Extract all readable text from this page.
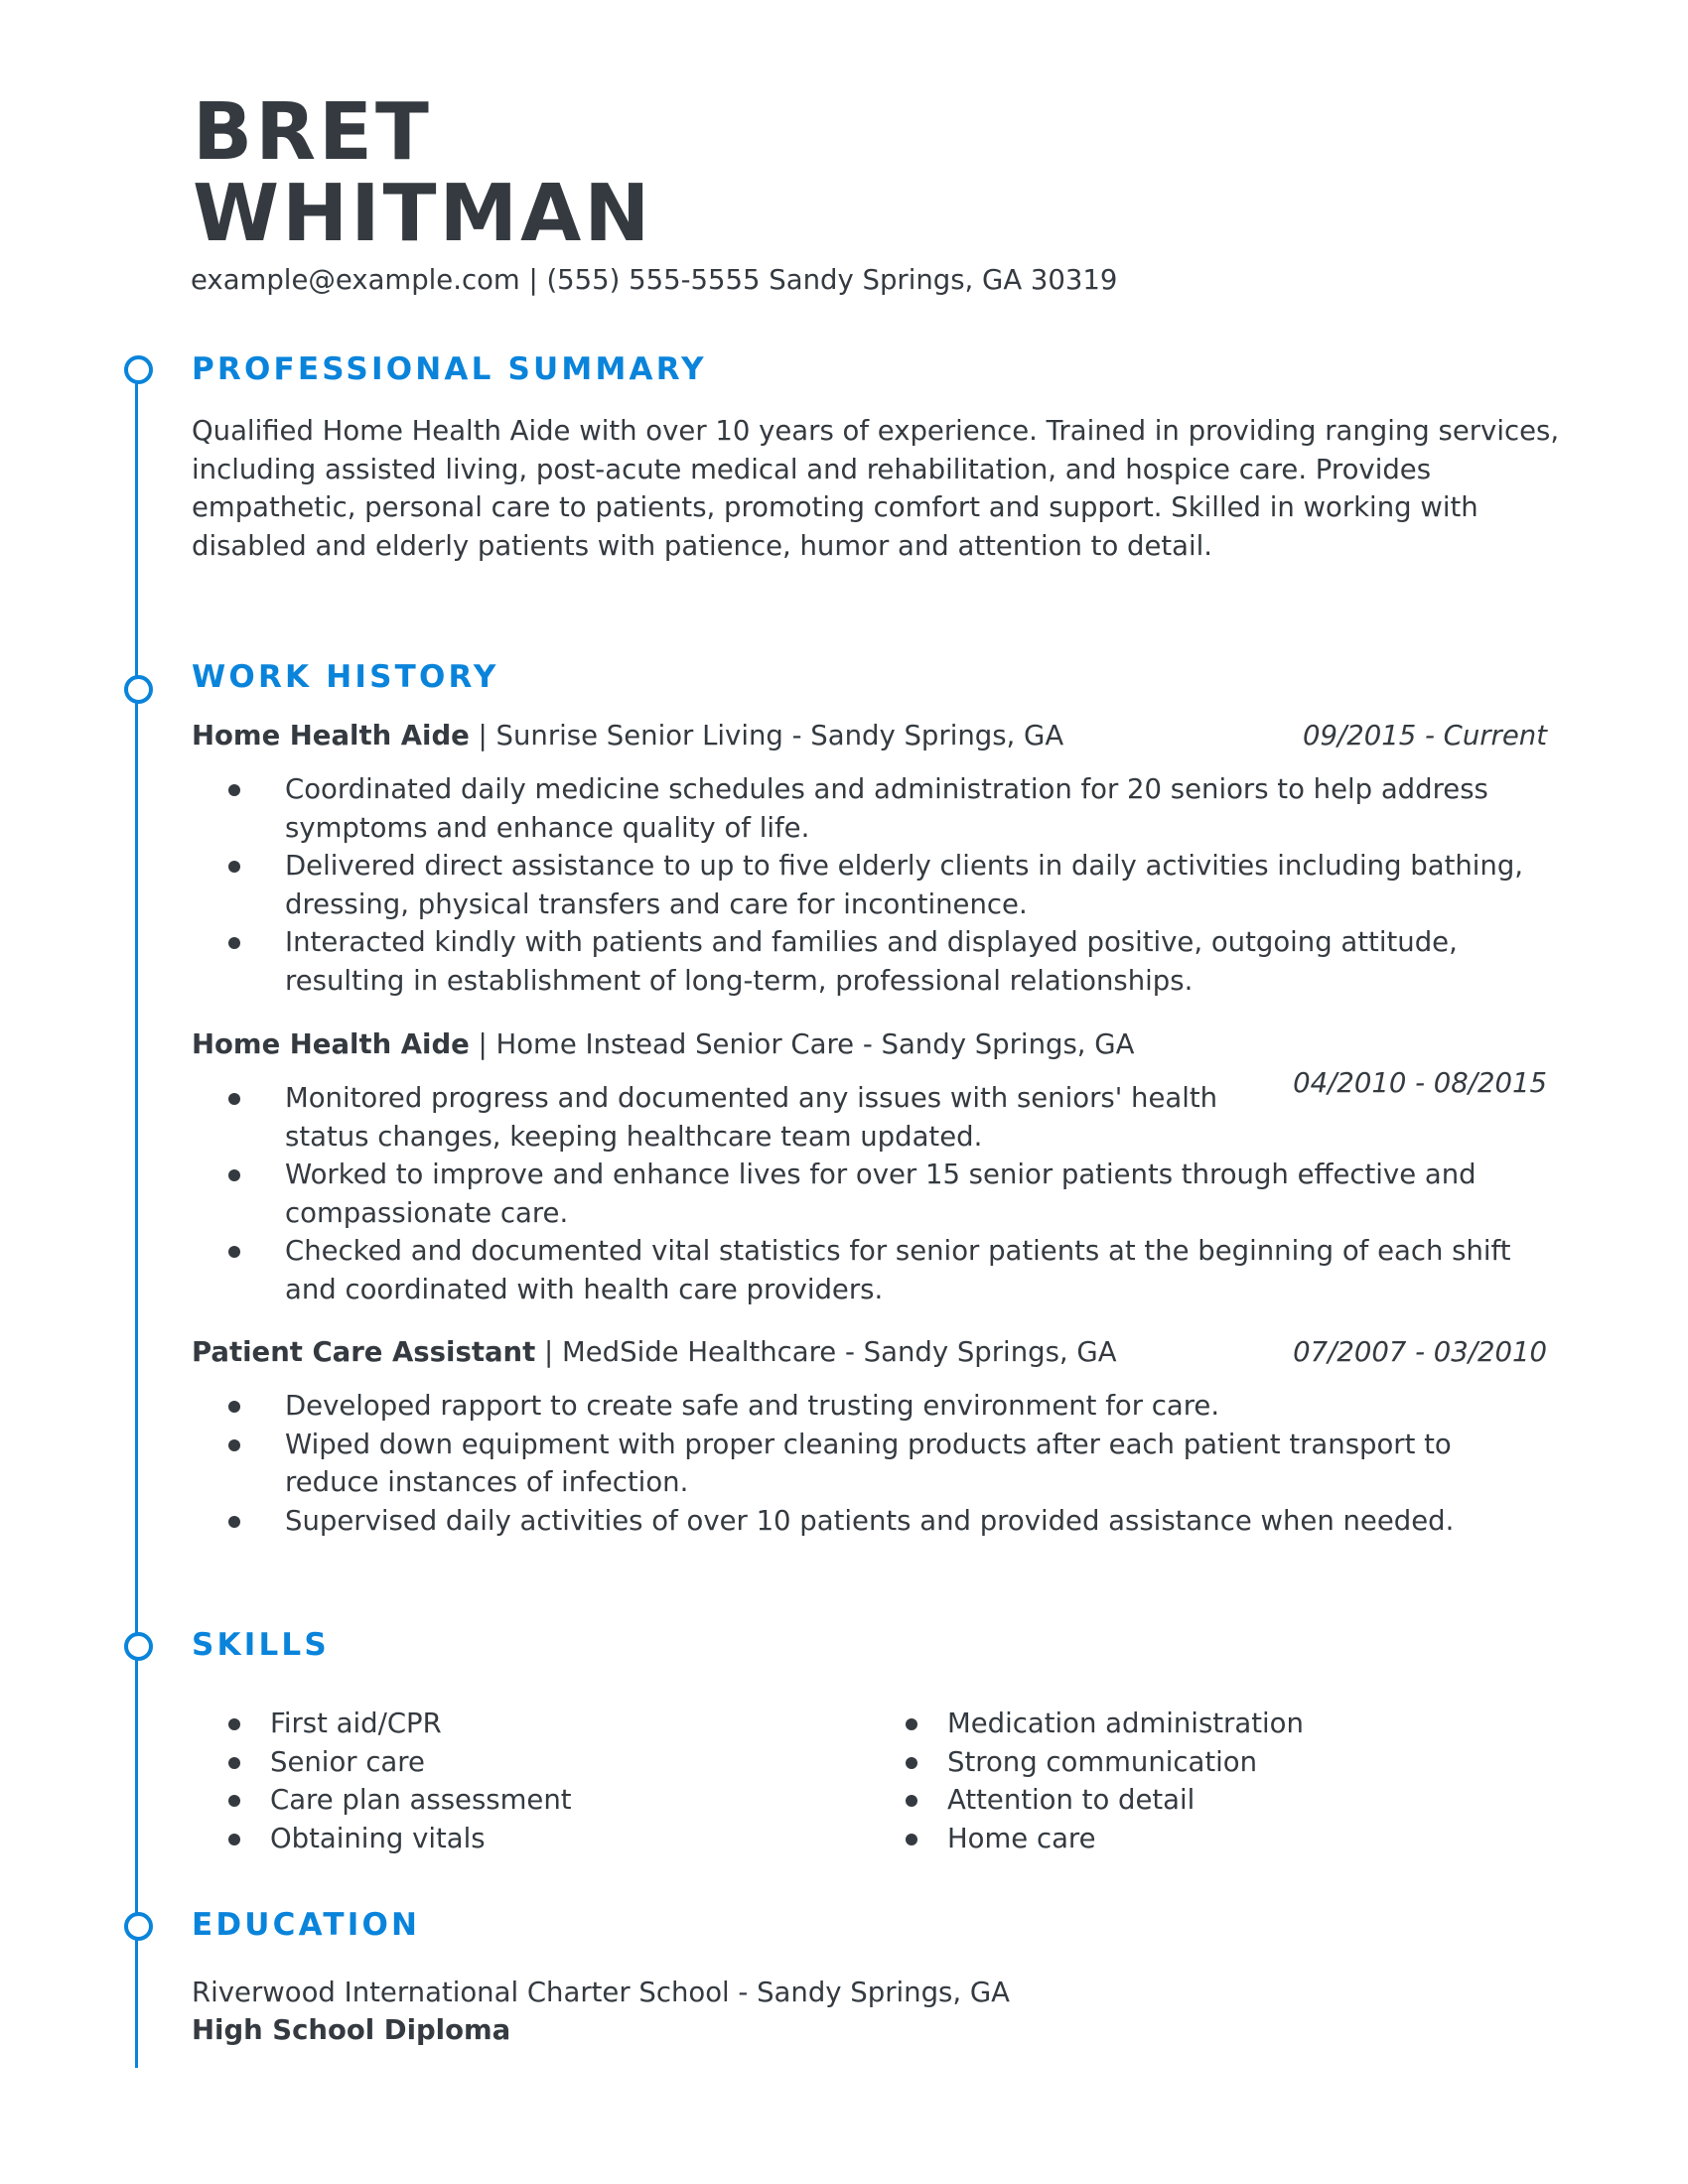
BRET
WHITMAN
example@example.com | (555) 555-5555 Sandy Springs, GA 30319
PROFESSIONAL SUMMARY
Qualified Home Health Aide with over 10 years of experience. Trained in providing ranging services, including assisted living, post-acute medical and rehabilitation, and hospice care. Provides empathetic, personal care to patients, promoting comfort and support. Skilled in working with disabled and elderly patients with patience, humor and attention to detail.
WORK HISTORY
Home Health Aide | Sunrise Senior Living - Sandy Springs, GA	09/2015 - Current
Coordinated daily medicine schedules and administration for 20 seniors to help address symptoms and enhance quality of life.
Delivered direct assistance to up to five elderly clients in daily activities including bathing, dressing, physical transfers and care for incontinence.
Interacted kindly with patients and families and displayed positive, outgoing attitude, resulting in establishment of long-term, professional relationships.
Home Health Aide | Home Instead Senior Care - Sandy Springs, GA
04/2010 - 08/2015
Monitored progress and documented any issues with seniors' health status changes, keeping healthcare team updated.
Worked to improve and enhance lives for over 15 senior patients through effective and compassionate care.
Checked and documented vital statistics for senior patients at the beginning of each shift and coordinated with health care providers.
Patient Care Assistant | MedSide Healthcare - Sandy Springs, GA	07/2007 - 03/2010
Developed rapport to create safe and trusting environment for care.
Wiped down equipment with proper cleaning products after each patient transport to reduce instances of infection.
Supervised daily activities of over 10 patients and provided assistance when needed.
SKILLS
First aid/CPR
Senior care
Care plan assessment
Obtaining vitals
Medication administration
Strong communication
Attention to detail
Home care
EDUCATION
Riverwood International Charter School - Sandy Springs, GA
High School Diploma
